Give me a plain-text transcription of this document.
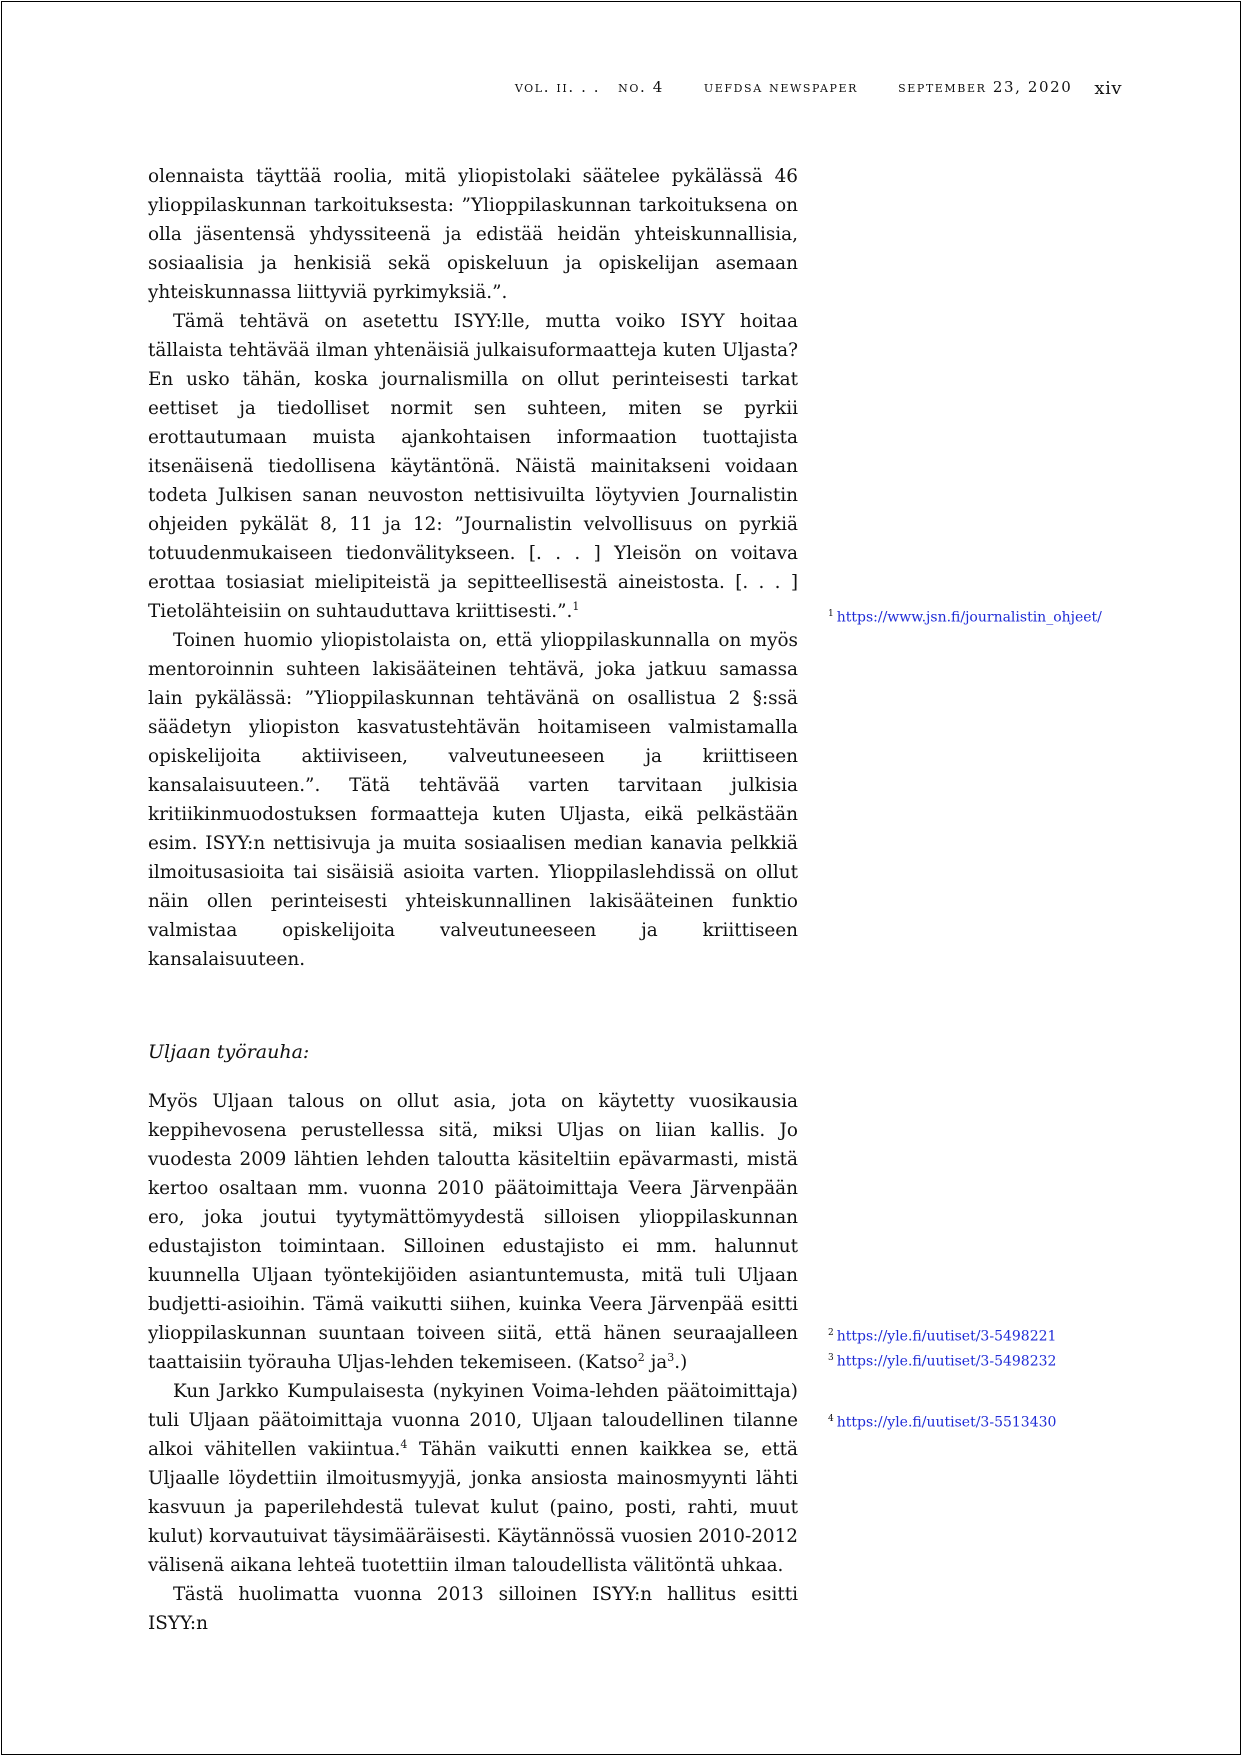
vol. ii. . . no. 4	uefdsa newspaper	september 23, 2020 xiv

olennaista täyttää roolia, mitä yliopistolaki säätelee pykälässä 46 ylioppilaskunnan tarkoituksesta: ”Ylioppilaskunnan tarkoituksena on olla jäsentensä yhdyssiteenä ja edistää heidän yhteiskunnallisia, sosiaalisia ja henkisiä sekä opiskeluun ja opiskelijan asemaan yhteiskunnassa liittyviä pyrkimyksiä.”.

Tämä tehtävä on asetettu ISYY:lle, mutta voiko ISYY hoitaa tällaista tehtävää ilman yhtenäisiä julkaisuformaatteja kuten Uljasta? En usko tähän, koska journalismilla on ollut perinteisesti tarkat eettiset ja tiedolliset normit sen suhteen, miten se pyrkii erottautumaan muista ajankohtaisen informaation tuottajista itsenäisenä tiedollisena käytäntönä. Näistä mainitakseni voidaan todeta Julkisen sanan neuvoston nettisivuilta löytyvien Journalistin ohjeiden pykälät 8, 11 ja 12: ”Journalistin velvollisuus on pyrkiä totuudenmukaiseen tiedonvälitykseen. [. . . ] Yleisön on voitava erottaa tosiasiat mielipiteistä ja sepitteellisestä aineistosta. [. . . ] Tietolähteisiin on suhtauduttava kriittisesti.”.$^1$

Toinen huomio yliopistolaista on, että ylioppilaskunnalla on myös mentoroinnin suhteen lakisääteinen tehtävä, joka jatkuu samassa lain pykälässä: ”Ylioppilaskunnan tehtävänä on osallistua 2 §:ssä säädetyn yliopiston kasvatustehtävän hoitamiseen valmistamalla opiskelijoita aktiiviseen, valveutuneeseen ja kriittiseen kansalaisuuteen.”. Tätä tehtävää varten tarvitaan julkisia kritiikinmuodostuksen formaatteja kuten Uljasta, eikä pelkästään esim. ISYY:n nettisivuja ja muita sosiaalisen median kanavia pelkkiä ilmoitusasioita tai sisäisiä asioita varten. Ylioppilaslehdissä on ollut näin ollen perinteisesti yhteiskunnallinen lakisääteinen funktio valmistaa opiskelijoita valveutuneeseen ja kriittiseen kansalaisuuteen.

Uljaan työrauha:

Myös Uljaan talous on ollut asia, jota on käytetty vuosikausia keppihevosena perustellessa sitä, miksi Uljas on liian kallis. Jo vuodesta 2009 lähtien lehden taloutta käsiteltiin epävarmasti, mistä kertoo osaltaan mm. vuonna 2010 päätoimittaja Veera Järvenpään ero, joka joutui tyytymättömyydestä silloisen ylioppilaskunnan edustajiston toimintaan. Silloinen edustajisto ei mm. halunnut kuunnella Uljaan työntekijöiden asiantuntemusta, mitä tuli Uljaan budjetti-asioihin. Tämä vaikutti siihen, kuinka Veera Järvenpää esitti ylioppilaskunnan suuntaan toiveen siitä, että hänen seuraajalleen taattaisiin työrauha Uljas-lehden tekemiseen. (Katso$^2$ $ja^3$.)

Kun Jarkko Kumpulaisesta (nykyinen Voima-lehden päätoimittaja) tuli Uljaan päätoimittaja vuonna 2010, Uljaan taloudellinen tilanne alkoi vähitellen vakiintua.$^4$ Tähän vaikutti ennen kaikkea se, että Uljaalle löydettiin ilmoitusmyyjä, jonka ansiosta mainosmyynti lähti kasvuun ja paperilehdestä tulevat kulut (paino, posti, rahti, muut kulut) korvautuivat täysimääräisesti. Käytännössä vuosien 2010-2012 välisenä aikana lehteä tuotettiin ilman taloudellista välitöntä uhkaa.

Tästä huolimatta vuonna 2013 silloinen ISYY:n hallitus esitti ISYY:n

$^1$ https://www.jsn.fi/journalistin_ohjeet/
$^2$ https://yle.fi/uutiset/3-5498221
$^3$ https://yle.fi/uutiset/3-5498232
$^4$ https://yle.fi/uutiset/3-5513430
